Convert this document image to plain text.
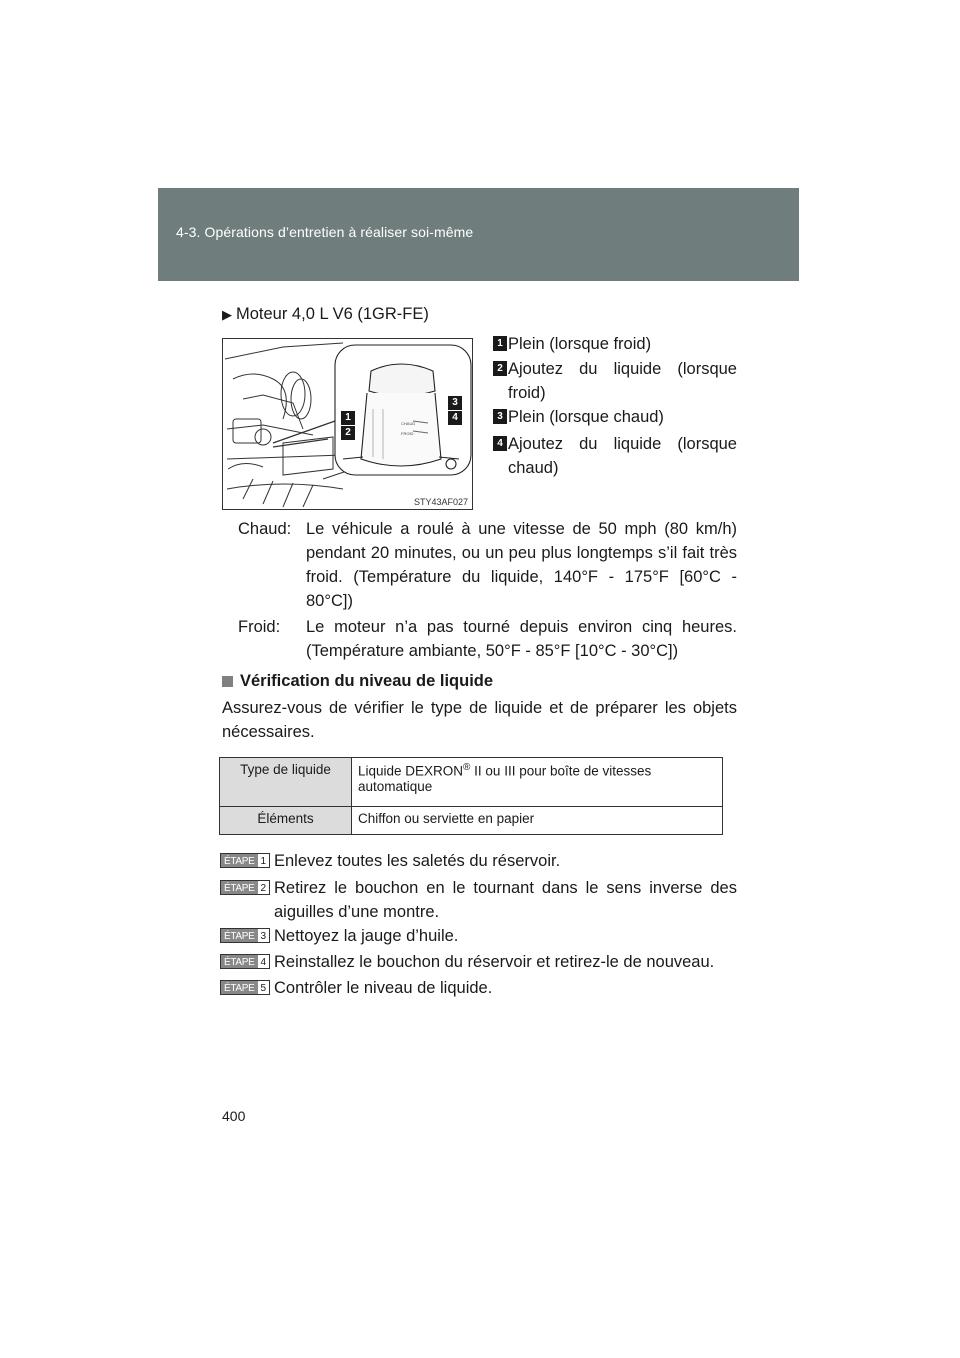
4-3. Opérations d’entretien à réaliser soi-même
▶ Moteur 4,0 L V6 (1GR-FE)
CHAUD
FROID
1
2
3
4
STY43AF027
1 Plein (lorsque froid)
2 Ajoutez du liquide (lorsque froid)
3 Plein (lorsque chaud)
4 Ajoutez du liquide (lorsque chaud)
Chaud: Le véhicule a roulé à une vitesse de 50 mph (80 km/h) pendant 20 minutes, ou un peu plus longtemps s’il fait très froid. (Température du liquide, 140°F - 175°F [60°C - 80°C])
Froid: Le moteur n’a pas tourné depuis environ cinq heures. (Température ambiante, 50°F - 85°F [10°C - 30°C])
Vérification du niveau de liquide
Assurez-vous de vérifier le type de liquide et de préparer les objets nécessaires.
Type de liquide	Liquide DEXRON® II ou III pour boîte de vitesses automatique
Éléments	Chiffon ou serviette en papier
ÉTAPE 1 Enlevez toutes les saletés du réservoir.
ÉTAPE 2 Retirez le bouchon en le tournant dans le sens inverse des aiguilles d’une montre.
ÉTAPE 3 Nettoyez la jauge d’huile.
ÉTAPE 4 Reinstallez le bouchon du réservoir et retirez-le de nouveau.
ÉTAPE 5 Contrôler le niveau de liquide.
400
